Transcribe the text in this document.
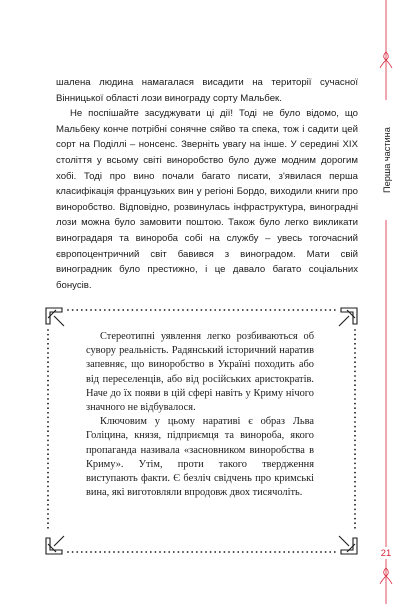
Перша частина
21

шалена людина намагалася висадити на території сучасної Вінницької області лози винограду сорту Мальбек.

Не поспішайте засуджувати ці дії! Тоді не було відомо, що Мальбеку конче потрібні сонячне сяйво та спека, тож і садити цей сорт на Поділлі – нонсенс. Зверніть увагу на інше. У середині XIX століття у всьому світі виноробство було дуже модним дорогим хобі. Тоді про вино почали багато писати, з'явилася перша класифікація французьких вин у регіоні Бордо, виходили книги про виноробство. Відповідно, розвинулась інфраструктура, виноградні лози можна було замовити поштою. Також було легко викликати виноградаря та винороба собі на службу – увесь тогочасний європоцентричний світ бавився з виноградом. Мати свій виноградник було престижно, і це давало багато соціальних бонусів.

Стереотипні уявлення легко розбиваються об сувору реальність. Радянський історичний наратив запевняє, що виноробство в Україні походить або від переселенців, або від російських аристократів. Наче до їх появи в цій сфері навіть у Криму нічого значного не відбувалося.

Ключовим у цьому наративі є образ Льва Голіцина, князя, підприємця та винороба, якого пропаганда називала «засновником виноробства в Криму». Утім, проти такого твердження виступають факти. Є безліч свідчень про кримські вина, які виготовляли впродовж двох тисячоліть.
